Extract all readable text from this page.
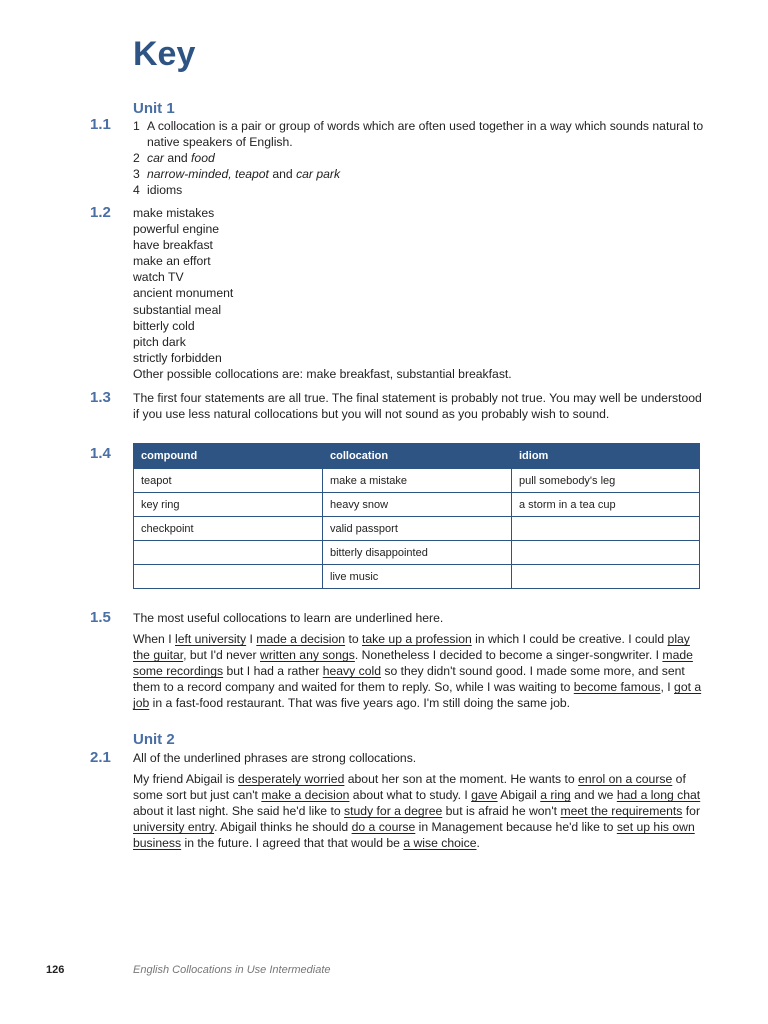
Key
Unit 1
1.1 1 A collocation is a pair or group of words which are often used together in a way which sounds natural to native speakers of English.
2 car and food
3 narrow-minded, teapot and car park
4 idioms
1.2 make mistakes
powerful engine
have breakfast
make an effort
watch TV
ancient monument
substantial meal
bitterly cold
pitch dark
strictly forbidden
Other possible collocations are: make breakfast, substantial breakfast.
1.3 The first four statements are all true. The final statement is probably not true. You may well be understood if you use less natural collocations but you will not sound as you probably wish to sound.

1.4	compound	collocation	idiom
teapot	make a mistake	pull somebody's leg
key ring	heavy snow	a storm in a tea cup
checkpoint	valid passport	
	bitterly disappointed	
	live music	
1.5 The most useful collocations to learn are underlined here.

When I left university I made a decision to take up a profession in which I could be creative. I could play the guitar, but I'd never written any songs. Nonetheless I decided to become a singer-songwriter. I made some recordings but I had a rather heavy cold so they didn't sound good. I made some more, and sent them to a record company and waited for them to reply. So, while I was waiting to become famous, I got a job in a fast-food restaurant. That was five years ago. I'm still doing the same job.

Unit 2
2.1 All of the underlined phrases are strong collocations.

My friend Abigail is desperately worried about her son at the moment. He wants to enrol on a course of some sort but just can't make a decision about what to study. I gave Abigail a ring and we had a long chat about it last night. She said he'd like to study for a degree but is afraid he won't meet the requirements for university entry. Abigail thinks he should do a course in Management because he'd like to set up his own business in the future. I agreed that that would be a wise choice.

126	English Collocations in Use Intermediate
